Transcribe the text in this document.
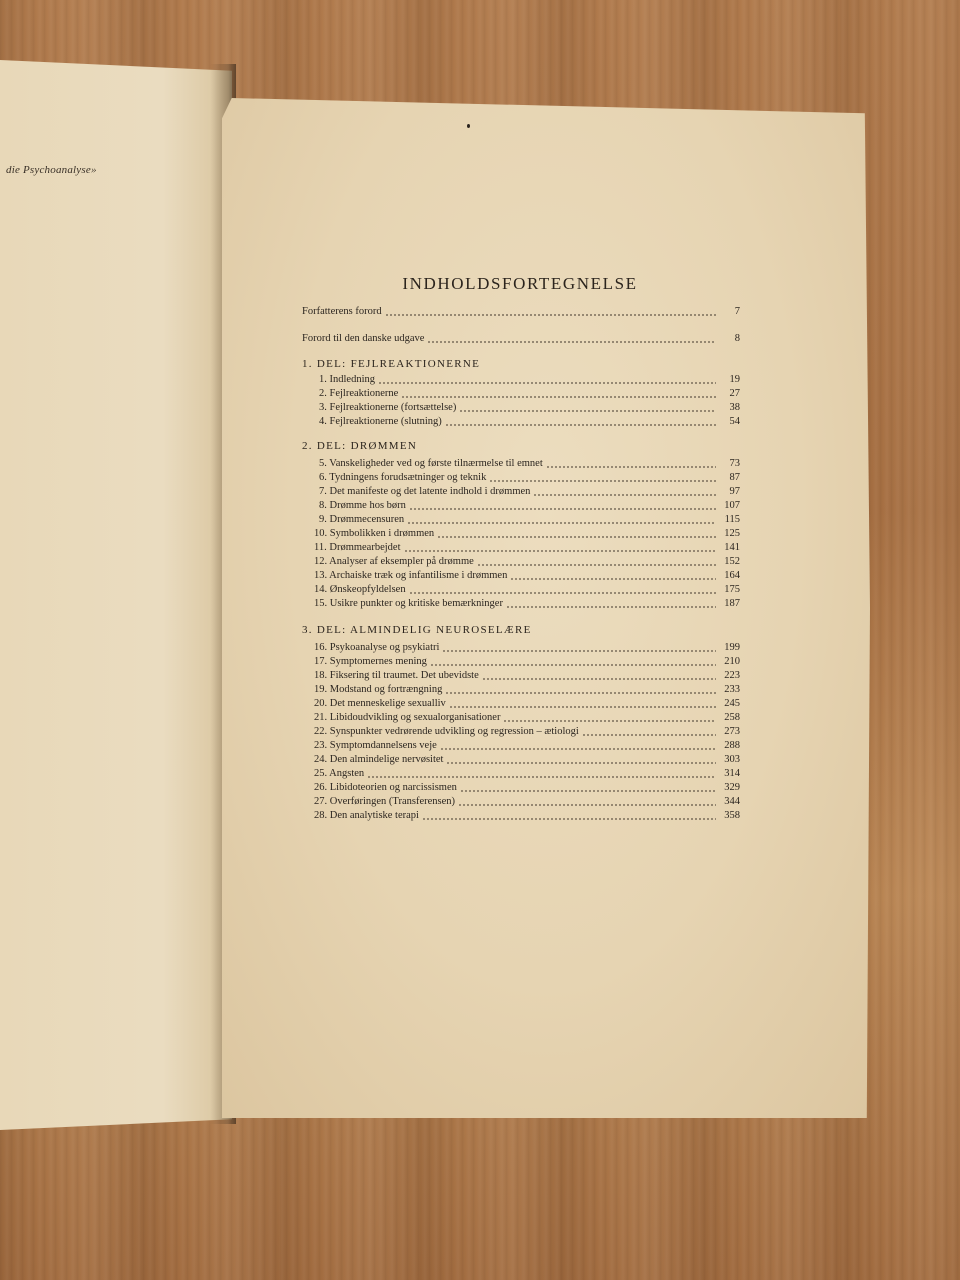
die Psychoanalyse»
INDHOLDSFORTEGNELSE
Forfatterens forord	7
Forord til den danske udgave	8
1. DEL: FEJLREAKTIONERNE
1. Indledning	19
2. Fejlreaktionerne	27
3. Fejlreaktionerne (fortsættelse)	38
4. Fejlreaktionerne (slutning)	54
2. DEL: DRØMMEN
5. Vanskeligheder ved og første tilnærmelse til emnet	73
6. Tydningens forudsætninger og teknik	87
7. Det manifeste og det latente indhold i drømmen	97
8. Drømme hos børn	107
9. Drømmecensuren	115
10. Symbolikken i drømmen	125
11. Drømmearbejdet	141
12. Analyser af eksempler på drømme	152
13. Archaiske træk og infantilisme i drømmen	164
14. Ønskeopfyldelsen	175
15. Usikre punkter og kritiske bemærkninger	187
3. DEL: ALMINDELIG NEUROSELÆRE
16. Psykoanalyse og psykiatri	199
17. Symptomernes mening	210
18. Fiksering til traumet. Det ubevidste	223
19. Modstand og fortrængning	233
20. Det menneskelige sexualliv	245
21. Libidoudvikling og sexualorganisationer	258
22. Synspunkter vedrørende udvikling og regression – ætiologi	273
23. Symptomdannelsens veje	288
24. Den almindelige nervøsitet	303
25. Angsten	314
26. Libidoteorien og narcissismen	329
27. Overføringen (Transferensen)	344
28. Den analytiske terapi	358
